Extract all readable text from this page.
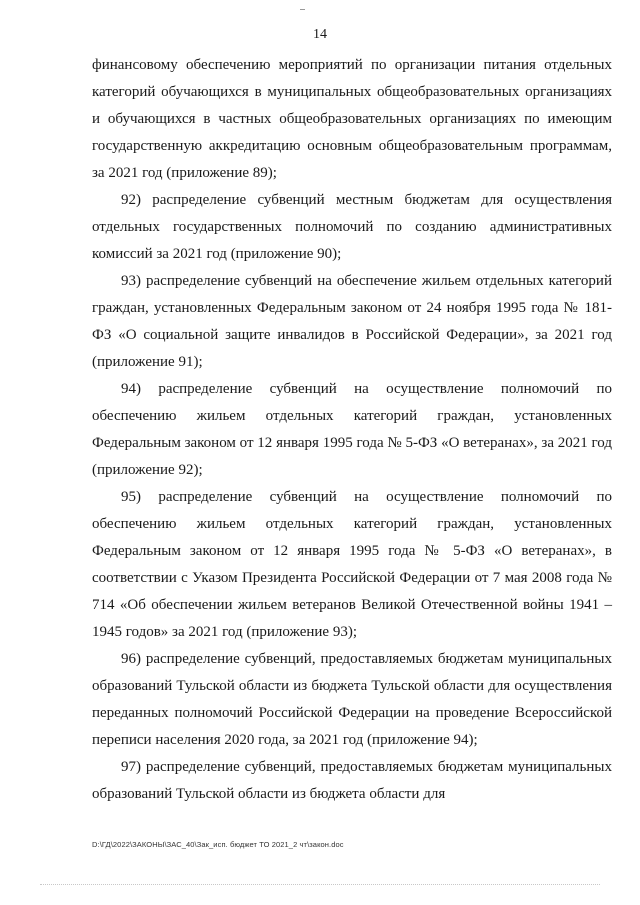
14

финансовому обеспечению мероприятий по организации питания отдельных категорий обучающихся в муниципальных общеобразовательных организациях и обучающихся в частных общеобразовательных организациях по имеющим государственную аккредитацию основным общеобразовательным программам, за 2021 год (приложение 89);

92) распределение субвенций местным бюджетам для осуществления отдельных государственных полномочий по созданию административных комиссий за 2021 год (приложение 90);

93) распределение субвенций на обеспечение жильем отдельных категорий граждан, установленных Федеральным законом от 24 ноября 1995 года № 181-ФЗ «О социальной защите инвалидов в Российской Федерации», за 2021 год (приложение 91);

94) распределение субвенций на осуществление полномочий по обеспечению жильем отдельных категорий граждан, установленных Федеральным законом от 12 января 1995 года № 5-ФЗ «О ветеранах», за 2021 год (приложение 92);

95) распределение субвенций на осуществление полномочий по обеспечению жильем отдельных категорий граждан, установленных Федеральным законом от 12 января 1995 года № 5-ФЗ «О ветеранах», в соответствии с Указом Президента Российской Федерации от 7 мая 2008 года № 714 «Об обеспечении жильем ветеранов Великой Отечественной войны 1941 – 1945 годов» за 2021 год (приложение 93);

96) распределение субвенций, предоставляемых бюджетам муниципальных образований Тульской области из бюджета Тульской области для осуществления переданных полномочий Российской Федерации на проведение Всероссийской переписи населения 2020 года, за 2021 год (приложение 94);

97) распределение субвенций, предоставляемых бюджетам муниципальных образований Тульской области из бюджета области для

D:\ГД\2022\ЗАКОНЫ\ЗАС_40\Зак_исп. бюджет ТО 2021_2 чт\закон.doc
